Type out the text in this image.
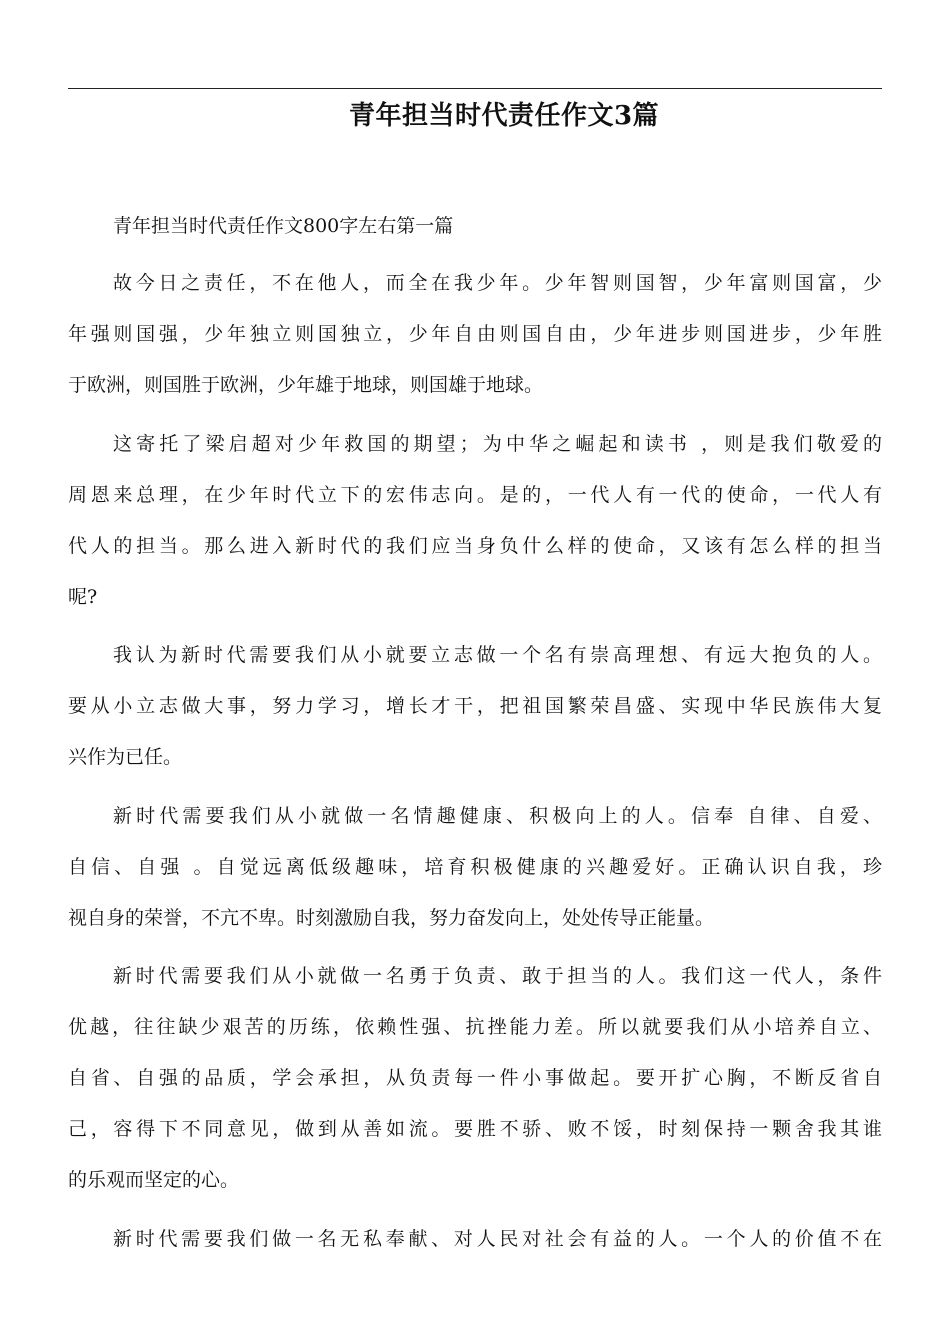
青年担当时代责任作文3篇

青年担当时代责任作文800字左右第一篇

故今日之责任，不在他人，而全在我少年。少年智则国智，少年富则国富，少
年强则国强，少年独立则国独立，少年自由则国自由，少年进步则国进步，少年胜
于欧洲，则国胜于欧洲，少年雄于地球，则国雄于地球。

这寄托了梁启超对少年救国的期望；为中华之崛起和读书 ，则是我们敬爱的
周恩来总理，在少年时代立下的宏伟志向。是的，一代人有一代的使命，一代人有
代人的担当。那么进入新时代的我们应当身负什么样的使命，又该有怎么样的担当
呢?

我认为新时代需要我们从小就要立志做一个名有崇高理想、有远大抱负的人。
要从小立志做大事，努力学习，增长才干，把祖国繁荣昌盛、实现中华民族伟大复
兴作为已任。

新时代需要我们从小就做一名情趣健康、积极向上的人。信奉 自律、自爱、
自信、自强 。自觉远离低级趣味，培育积极健康的兴趣爱好。正确认识自我，珍
视自身的荣誉，不亢不卑。时刻激励自我，努力奋发向上，处处传导正能量。

新时代需要我们从小就做一名勇于负责、敢于担当的人。我们这一代人，条件
优越，往往缺少艰苦的历练，依赖性强、抗挫能力差。所以就要我们从小培养自立、
自省、自强的品质，学会承担，从负责每一件小事做起。要开扩心胸，不断反省自
己，容得下不同意见，做到从善如流。要胜不骄、败不馁，时刻保持一颗舍我其谁
的乐观而坚定的心。

新时代需要我们做一名无私奉献、对人民对社会有益的人。一个人的价值不在
